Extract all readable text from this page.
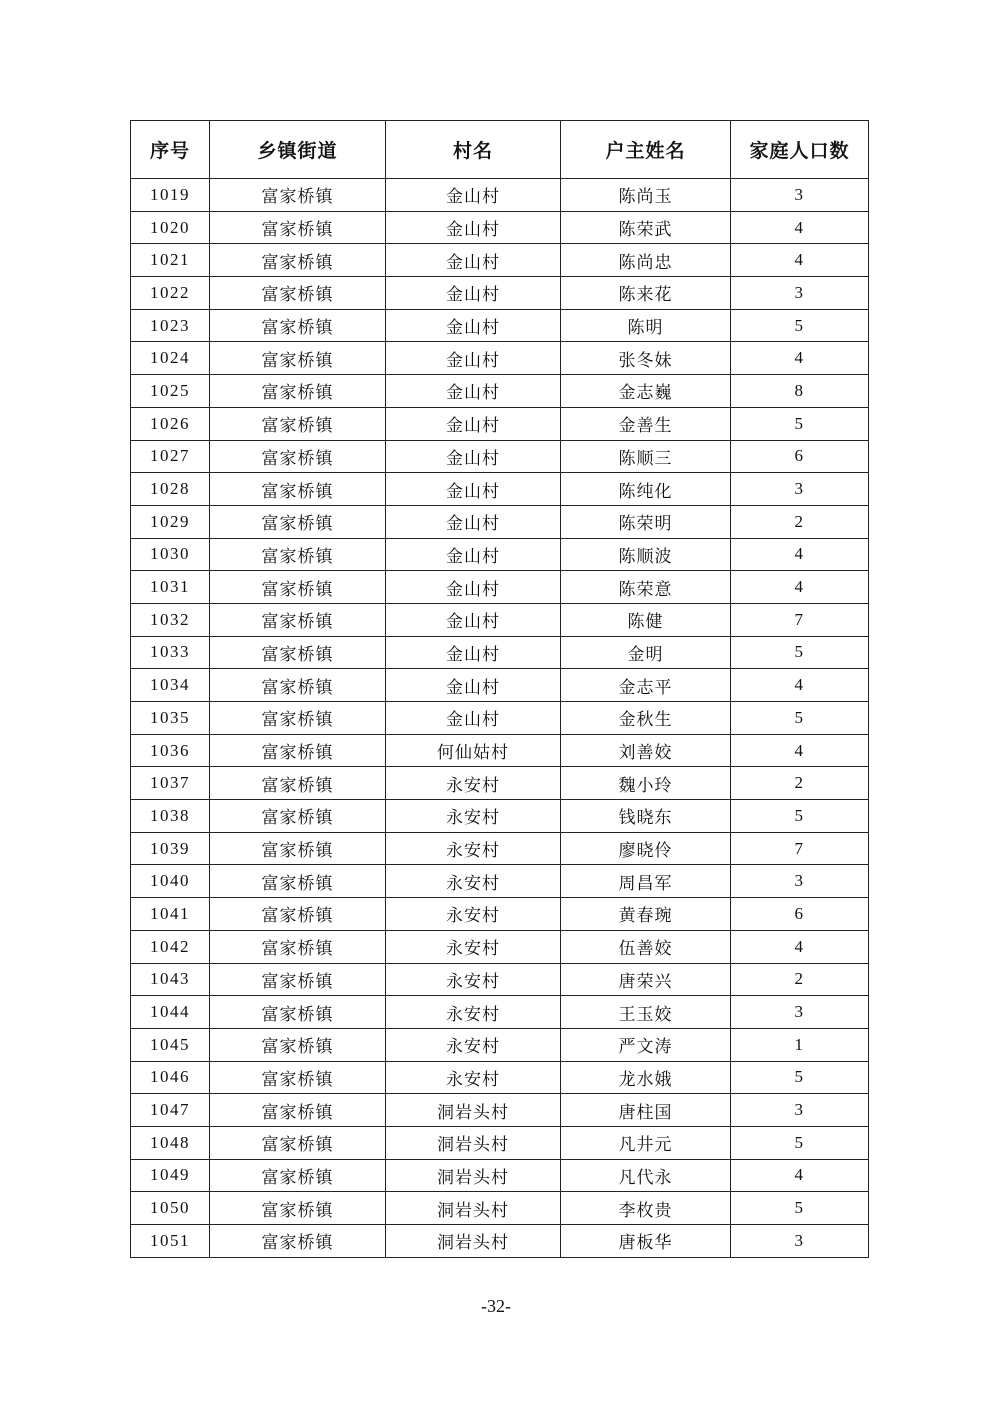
序号	乡镇街道	村名	户主姓名	家庭人口数
1019	富家桥镇	金山村	陈尚玉	3
1020	富家桥镇	金山村	陈荣武	4
1021	富家桥镇	金山村	陈尚忠	4
1022	富家桥镇	金山村	陈来花	3
1023	富家桥镇	金山村	陈明	5
1024	富家桥镇	金山村	张冬妹	4
1025	富家桥镇	金山村	金志巍	8
1026	富家桥镇	金山村	金善生	5
1027	富家桥镇	金山村	陈顺三	6
1028	富家桥镇	金山村	陈纯化	3
1029	富家桥镇	金山村	陈荣明	2
1030	富家桥镇	金山村	陈顺波	4
1031	富家桥镇	金山村	陈荣意	4
1032	富家桥镇	金山村	陈健	7
1033	富家桥镇	金山村	金明	5
1034	富家桥镇	金山村	金志平	4
1035	富家桥镇	金山村	金秋生	5
1036	富家桥镇	何仙姑村	刘善姣	4
1037	富家桥镇	永安村	魏小玲	2
1038	富家桥镇	永安村	钱晓东	5
1039	富家桥镇	永安村	廖晓伶	7
1040	富家桥镇	永安村	周昌军	3
1041	富家桥镇	永安村	黄春琬	6
1042	富家桥镇	永安村	伍善姣	4
1043	富家桥镇	永安村	唐荣兴	2
1044	富家桥镇	永安村	王玉姣	3
1045	富家桥镇	永安村	严文涛	1
1046	富家桥镇	永安村	龙水娥	5
1047	富家桥镇	洞岩头村	唐柱国	3
1048	富家桥镇	洞岩头村	凡井元	5
1049	富家桥镇	洞岩头村	凡代永	4
1050	富家桥镇	洞岩头村	李枚贵	5
1051	富家桥镇	洞岩头村	唐板华	3
-32-
